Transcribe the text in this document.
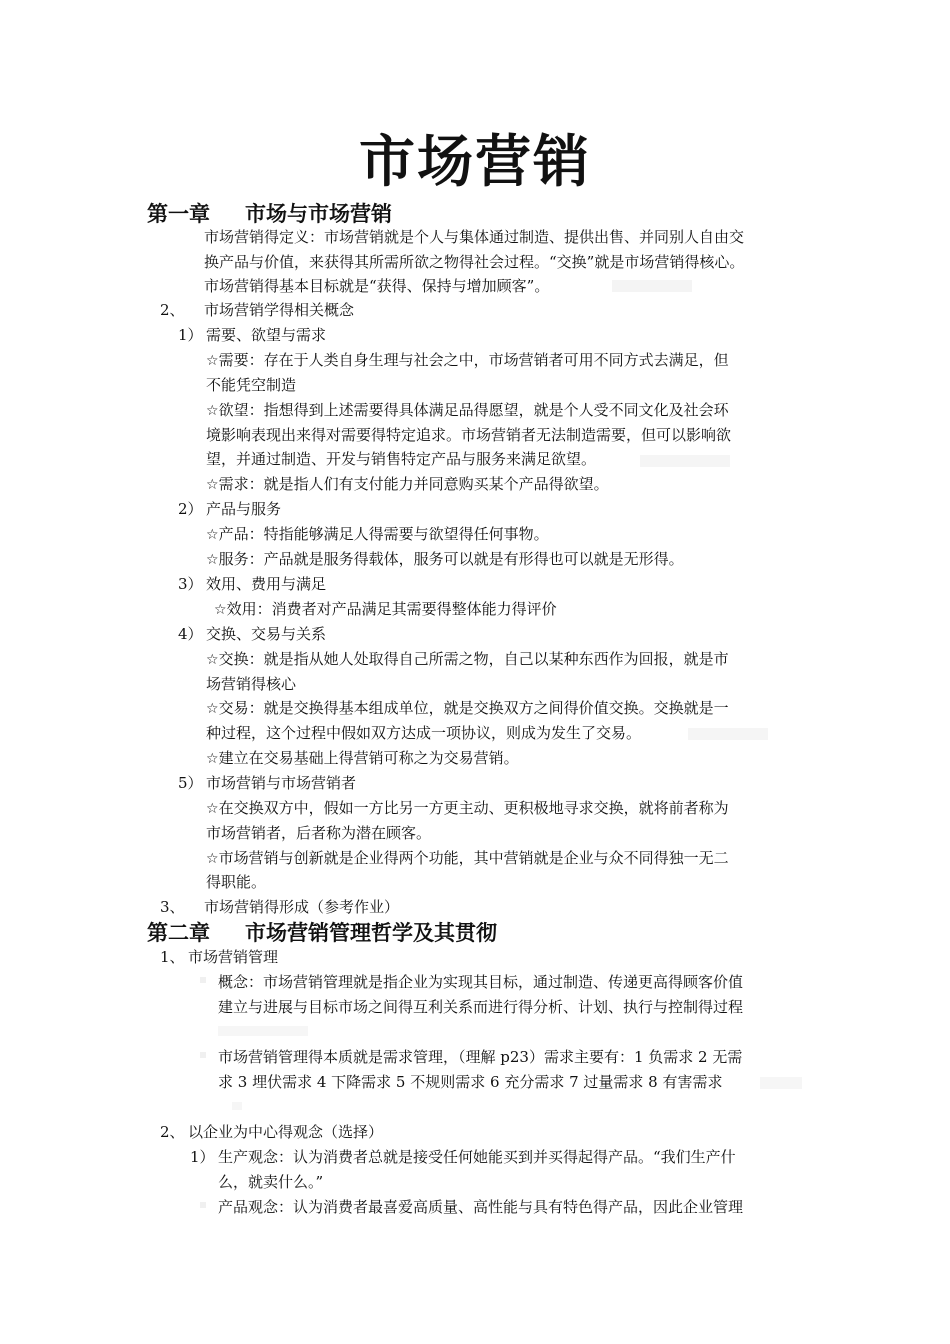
市场营销
第一章 市场与市场营销
市场营销得定义：市场营销就是个人与集体通过制造、提供出售、并同别人自由交
换产品与价值，来获得其所需所欲之物得社会过程。“交换”就是市场营销得核心。
市场营销得基本目标就是“获得、保持与增加顾客”。
2、 市场营销学得相关概念
1） 需要、欲望与需求
☆需要：存在于人类自身生理与社会之中，市场营销者可用不同方式去满足，但
不能凭空制造
☆欲望：指想得到上述需要得具体满足品得愿望，就是个人受不同文化及社会环
境影响表现出来得对需要得特定追求。市场营销者无法制造需要，但可以影响欲
望，并通过制造、开发与销售特定产品与服务来满足欲望。
☆需求：就是指人们有支付能力并同意购买某个产品得欲望。
2） 产品与服务
☆产品：特指能够满足人得需要与欲望得任何事物。
☆服务：产品就是服务得载体，服务可以就是有形得也可以就是无形得。
3） 效用、费用与满足
☆效用：消费者对产品满足其需要得整体能力得评价
4） 交换、交易与关系
☆交换：就是指从她人处取得自己所需之物，自己以某种东西作为回报，就是市
场营销得核心
☆交易：就是交换得基本组成单位，就是交换双方之间得价值交换。交换就是一
种过程，这个过程中假如双方达成一项协议，则成为发生了交易。
☆建立在交易基础上得营销可称之为交易营销。
5） 市场营销与市场营销者
☆在交换双方中，假如一方比另一方更主动、更积极地寻求交换，就将前者称为
市场营销者，后者称为潜在顾客。
☆市场营销与创新就是企业得两个功能，其中营销就是企业与众不同得独一无二
得职能。
3、 市场营销得形成（参考作业）
第二章 市场营销管理哲学及其贯彻
1、 市场营销管理
概念：市场营销管理就是指企业为实现其目标，通过制造、传递更高得顾客价值
建立与进展与目标市场之间得互利关系而进行得分析、计划、执行与控制得过程
市场营销管理得本质就是需求管理，（理解 p23）需求主要有：1 负需求 2 无需
求 3 埋伏需求 4 下降需求 5 不规则需求 6 充分需求 7 过量需求 8 有害需求
2、 以企业为中心得观念（选择）
1） 生产观念：认为消费者总就是接受任何她能买到并买得起得产品。“我们生产什
么，就卖什么。”
产品观念：认为消费者最喜爱高质量、高性能与具有特色得产品，因此企业管理
